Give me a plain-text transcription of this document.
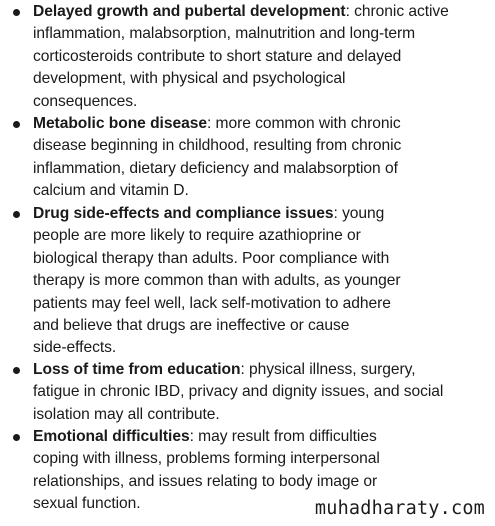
Delayed growth and pubertal development: chronic active
inflammation, malabsorption, malnutrition and long-term
corticosteroids contribute to short stature and delayed
development, with physical and psychological
consequences.
Metabolic bone disease: more common with chronic
disease beginning in childhood, resulting from chronic
inflammation, dietary deficiency and malabsorption of
calcium and vitamin D.
Drug side-effects and compliance issues: young
people are more likely to require azathioprine or
biological therapy than adults. Poor compliance with
therapy is more common than with adults, as younger
patients may feel well, lack self-motivation to adhere
and believe that drugs are ineffective or cause
side-effects.
Loss of time from education: physical illness, surgery,
fatigue in chronic IBD, privacy and dignity issues, and social
isolation may all contribute.
Emotional difficulties: may result from difficulties
coping with illness, problems forming interpersonal
relationships, and issues relating to body image or
sexual function.	muhadharaty.com
